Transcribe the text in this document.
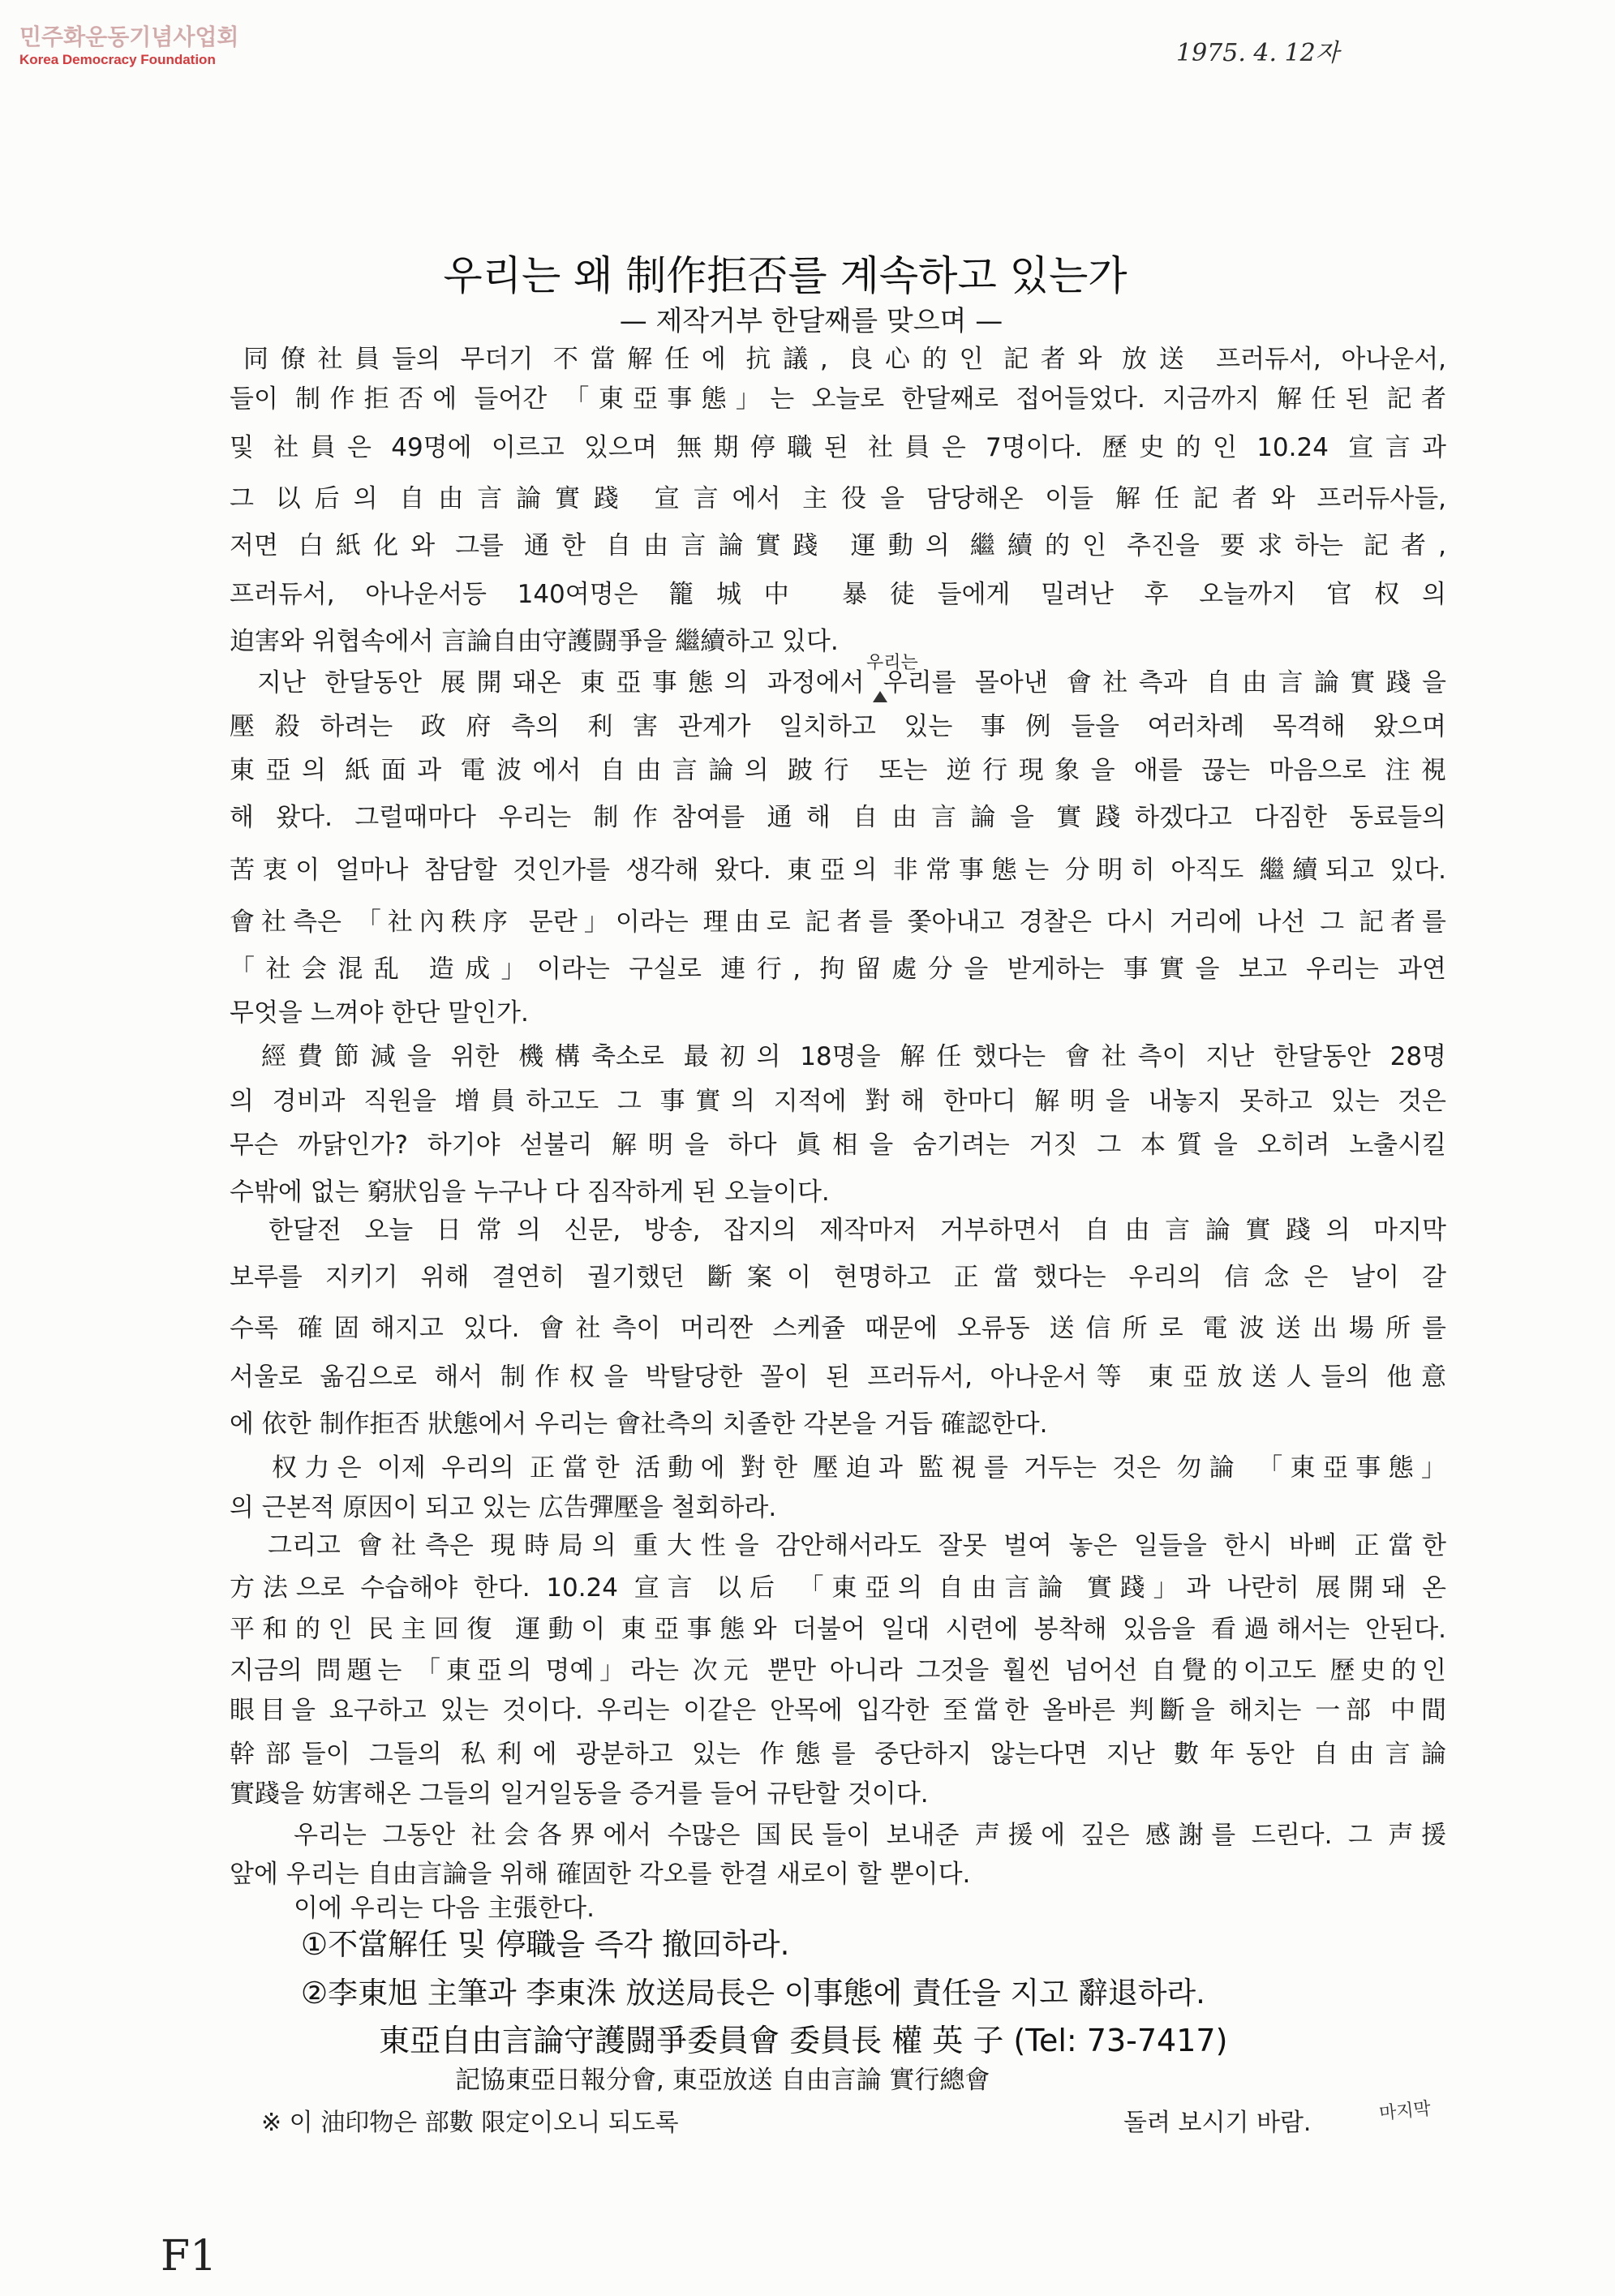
민주화운동기념사업회
Korea Democracy Foundation	1975. 4. 12자
우리는 왜 制作拒否를 계속하고 있는가
— 제작거부 한달째를 맞으며 —
同僚社員들의 무더기 不當解任에 抗議, 良心的인 記者와 放送 프러듀서, 아나운서,
들이 制作拒否에 들어간 「東亞事態」는 오늘로 한달째로 접어들었다. 지금까지 解任된 記者
및 社員은 49명에 이르고 있으며 無期停職된 社員은 7명이다. 歷史的인 10.24 宣言과
그 以后의 自由言論實踐 宣言에서 主役을 담당해온 이들 解任記者와 프러듀사들,
저면 白紙化와 그를 通한 自由言論實踐 運動의 繼續的인 추진을 要求하는 記者,
프러듀서, 아나운서등 140여명은 籠城中 暴徒들에게 밀려난 후 오늘까지 官权의
迫害와 위협속에서 言論自由守護闘爭을 繼續하고 있다.
우리는
지난 한달동안 展開돼온 東亞事態의 과정에서 우리를 몰아낸 會社측과 自由言論實踐을
壓殺하려는 政府측의 利害관계가 일치하고 있는 事例들을 여러차례 목격해 왔으며
東亞의 紙面과 電波에서 自由言論의 跛行 또는 逆行現象을 애를 끊는 마음으로 注視
해 왔다. 그럴때마다 우리는 制作참여를 通해 自由言論을 實踐하겠다고 다짐한 동료들의
苦衷이 얼마나 참담할 것인가를 생각해 왔다. 東亞의 非常事態는 分明히 아직도 繼續되고 있다.
會社측은 「社內秩序 문란」이라는 理由로 記者를 쫓아내고 경찰은 다시 거리에 나선 그 記者를
「社会混乱 造成」이라는 구실로 連行, 拘留處分을 받게하는 事實을 보고 우리는 과연
무엇을 느껴야 한단 말인가.
經費節減을 위한 機構축소로 最初의 18명을 解任했다는 會社측이 지난 한달동안 28명
의 경비과 직원을 增員하고도 그 事實의 지적에 對해 한마디 解明을 내놓지 못하고 있는 것은
무슨 까닭인가? 하기야 섣불리 解明을 하다 眞相을 숨기려는 거짓 그 本質을 오히려 노출시킬
수밖에 없는 窮狀임을 누구나 다 짐작하게 된 오늘이다.
한달전 오늘 日常의 신문, 방송, 잡지의 제작마저 거부하면서 自由言論實踐의 마지막
보루를 지키기 위해 결연히 궐기했던 斷案이 현명하고 正當했다는 우리의 信念은 날이 갈
수록 確固해지고 있다. 會社측이 머리짠 스케쥴 때문에 오류동 送信所로 電波送出場所를
서울로 옮김으로 해서 制作权을 박탈당한 꼴이 된 프러듀서, 아나운서等 東亞放送人들의 他意
에 依한 制作拒否 狀態에서 우리는 會社측의 치졸한 각본을 거듭 確認한다.
权力은 이제 우리의 正當한 活動에 對한 壓迫과 監視를 거두는 것은 勿論 「東亞事態」
의 근본적 原因이 되고 있는 広告彈壓을 철회하라.
그리고 會社측은 現時局의 重大性을 감안해서라도 잘못 벌여 놓은 일들을 한시 바삐 正當한
方法으로 수습해야 한다. 10.24 宣言 以后 「東亞의 自由言論 實踐」과 나란히 展開돼 온
平和的인 民主回復 運動이 東亞事態와 더불어 일대 시련에 봉착해 있음을 看過해서는 안된다.
지금의 問題는 「東亞의 명예」라는 次元 뿐만 아니라 그것을 훨씬 넘어선 自覺的이고도 歷史的인
眼目을 요구하고 있는 것이다. 우리는 이같은 안목에 입각한 至當한 올바른 判斷을 해치는 一部 中間
幹部들이 그들의 私利에 광분하고 있는 作態를 중단하지 않는다면 지난 數年동안 自由言論
實踐을 妨害해온 그들의 일거일동을 증거를 들어 규탄할 것이다.
우리는 그동안 社会各界에서 수많은 国民들이 보내준 声援에 깊은 感謝를 드린다. 그 声援
앞에 우리는 自由言論을 위해 確固한 각오를 한결 새로이 할 뿐이다.
이에 우리는 다음 主張한다.
①不當解任 및 停職을 즉각 撤回하라.
②李東旭 主筆과 李東洙 放送局長은 이事態에 責任을 지고 辭退하라.
東亞自由言論守護闘爭委員會 委員長 權 英 子 (Tel: 73-7417)
記協東亞日報分會, 東亞放送 自由言論 實行總會
※ 이 油印物은 部數 限定이오니 되도록	돌려 보시기 바람.	마지막
F1
